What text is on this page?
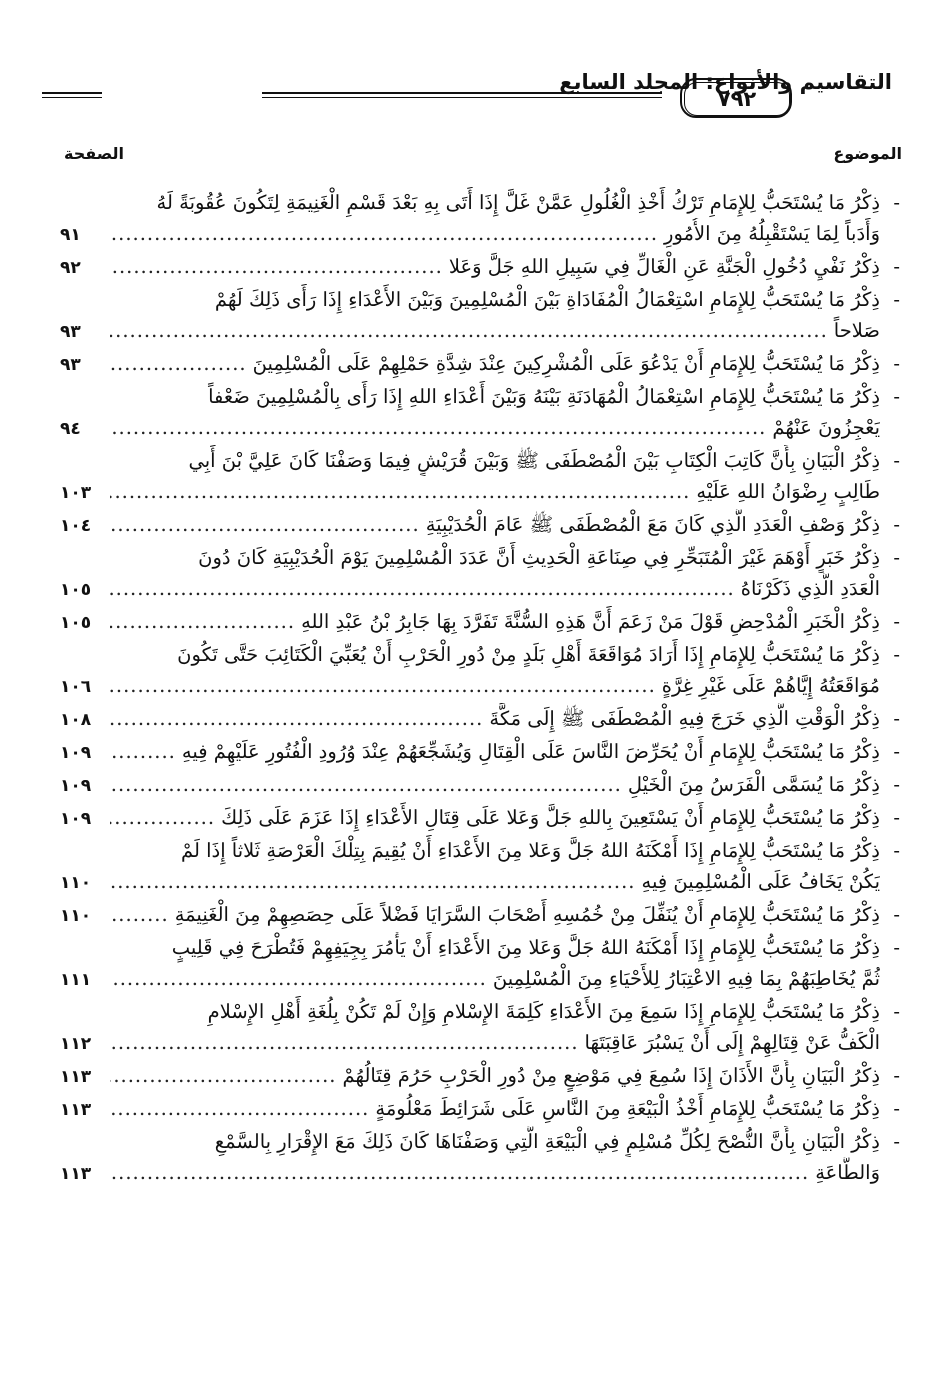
التقاسيم والأنواع: المجلد السابع
٧٩٢
الموضوع
الصفحة
-
ذِكْرُ مَا يُسْتَحَبُّ لِلإِمَامِ تَرْكُ أَخْذِ الْغُلُولِ عَمَّنْ غَلَّ إِذَا أَتَى بِهِ بَعْدَ قَسْمِ الْغَنِيمَةِ لِتَكُونَ عُقُوبَةً لَهُ
وَأَدَباً لِمَا يَسْتَقْبِلُهُ مِنَ الأُمُورِ
.....
٩١
-
ذِكْرُ نَفْيِ دُخُولِ الْجَنَّةِ عَنِ الْغَالِّ فِي سَبِيلِ اللهِ جَلَّ وَعَلا
.....
٩٢
-
ذِكْرُ مَا يُسْتَحَبُّ لِلإِمَامِ اسْتِعْمَالُ الْمُفَادَاةِ بَيْنَ الْمُسْلِمِينَ وَبَيْنَ الأَعْدَاءِ إِذَا رَأَى ذَلِكَ لَهُمْ
صَلاحاً
.....
٩٣
-
ذِكْرُ مَا يُسْتَحَبُّ لِلإِمَامِ أَنْ يَدْعُوَ عَلَى الْمُشْرِكِينَ عِنْدَ شِدَّةِ حَمْلِهِمْ عَلَى الْمُسْلِمِينَ
.....
٩٣
-
ذِكْرُ مَا يُسْتَحَبُّ لِلإِمَامِ اسْتِعْمَالُ الْمُهَادَنَةِ بَيْنَهُ وَبَيْنَ أَعْدَاءِ اللهِ إِذَا رَأَى بِالْمُسْلِمِينَ ضَعْفاً
يَعْجِزُونَ عَنْهُمْ
.....
٩٤
-
ذِكْرُ الْبَيَانِ بِأَنَّ كَاتِبَ الْكِتَابِ بَيْنَ الْمُصْطَفَى ﷺ وَبَيْنَ قُرَيْشٍ فِيمَا وَصَفْنَا كَانَ عَلِيَّ بْنَ أَبِي
طَالِبٍ رِضْوَانُ اللهِ عَلَيْهِ
.....
١٠٣
-
ذِكْرُ وَصْفِ الْعَدَدِ الَّذِي كَانَ مَعَ الْمُصْطَفَى ﷺ عَامَ الْحُدَيْبِيَةِ
.....
١٠٤
-
ذِكْرُ خَبَرٍ أَوْهَمَ غَيْرَ الْمُتَبَحِّرِ فِي صِنَاعَةِ الْحَدِيثِ أَنَّ عَدَدَ الْمُسْلِمِينَ يَوْمَ الْحُدَيْبِيَةِ كَانَ دُونَ
الْعَدَدِ الَّذِي ذَكَرْنَاهُ
.....
١٠٥
-
ذِكْرُ الْخَبَرِ الْمُدْحِضِ قَوْلَ مَنْ زَعَمَ أَنَّ هَذِهِ السُّنَّةَ تَفَرَّدَ بِهَا جَابِرُ بْنُ عَبْدِ اللهِ
.....
١٠٥
-
ذِكْرُ مَا يُسْتَحَبُّ لِلإِمَامِ إِذَا أَرَادَ مُوَاقَعَةَ أَهْلِ بَلَدٍ مِنْ دُورِ الْحَرْبِ أَنْ يُعَبِّيَ الْكَتَائِبَ حَتَّى تَكُونَ
مُوَاقَعَتُهُ إِيَّاهُمْ عَلَى غَيْرِ غِرَّةٍ
.....
١٠٦
-
ذِكْرُ الْوَقْتِ الَّذِي خَرَجَ فِيهِ الْمُصْطَفَى ﷺ إِلَى مَكَّةَ
.....
١٠٨
-
ذِكْرُ مَا يُسْتَحَبُّ لِلإِمَامِ أَنْ يُحَرِّضَ النَّاسَ عَلَى الْقِتَالِ وَيُشَجِّعَهُمْ عِنْدَ وُرُودِ الْفُتُورِ عَلَيْهِمْ فِيهِ
.....
١٠٩
-
ذِكْرُ مَا يُسَمَّى الْفَرَسُ مِنَ الْخَيْلِ
.....
١٠٩
-
ذِكْرُ مَا يُسْتَحَبُّ لِلإِمَامِ أَنْ يَسْتَعِينَ بِاللهِ جَلَّ وَعَلا عَلَى قِتَالِ الأَعْدَاءِ إِذَا عَزَمَ عَلَى ذَلِكَ
.....
١٠٩
-
ذِكْرُ مَا يُسْتَحَبُّ لِلإِمَامِ إِذَا أَمْكَنَهُ اللهُ جَلَّ وَعَلا مِنَ الأَعْدَاءِ أَنْ يُقِيمَ بِتِلْكَ الْعَرْصَةِ ثَلاثاً إِذَا لَمْ
يَكُنْ يَخَافُ عَلَى الْمُسْلِمِينَ فِيهِ
.....
١١٠
-
ذِكْرُ مَا يُسْتَحَبُّ لِلإِمَامِ أَنْ يُنَفِّلَ مِنْ خُمُسِهِ أَصْحَابَ السَّرَايَا فَضْلاً عَلَى حِصَصِهِمْ مِنَ الْغَنِيمَةِ
.....
١١٠
-
ذِكْرُ مَا يُسْتَحَبُّ لِلإِمَامِ إِذَا أَمْكَنَهُ اللهُ جَلَّ وَعَلا مِنَ الأَعْدَاءِ أَنْ يَأْمُرَ بِجِيَفِهِمْ فَتُطْرَحَ فِي قَلِيبٍ
ثُمَّ يُخَاطِبَهُمْ بِمَا فِيهِ الاعْتِبَارُ لِلأَحْيَاءِ مِنَ الْمُسْلِمِينَ
.....
١١١
-
ذِكْرُ مَا يُسْتَحَبُّ لِلإِمَامِ إِذَا سَمِعَ مِنَ الأَعْدَاءِ كَلِمَةَ الإِسْلامِ وَإِنْ لَمْ تَكُنْ بِلُغَةِ أَهْلِ الإِسْلامِ
الْكَفُّ عَنْ قِتَالِهِمْ إِلَى أَنْ يَسْبُرَ عَاقِبَتَهَا
.....
١١٢
-
ذِكْرُ الْبَيَانِ بِأَنَّ الأَذَانَ إِذَا سُمِعَ فِي مَوْضِعٍ مِنْ دُورِ الْحَرْبِ حَرُمَ قِتَالُهُمْ
.....
١١٣
-
ذِكْرُ مَا يُسْتَحَبُّ لِلإِمَامِ أَخْذُ الْبَيْعَةِ مِنَ النَّاسِ عَلَى شَرَائِطَ مَعْلُومَةٍ
.....
١١٣
-
ذِكْرُ الْبَيَانِ بِأَنَّ النُّصْحَ لِكُلِّ مُسْلِمٍ فِي الْبَيْعَةِ الَّتِي وَصَفْنَاهَا كَانَ ذَلِكَ مَعَ الإِقْرَارِ بِالسَّمْعِ
وَالطَّاعَةِ
.....
١١٣
